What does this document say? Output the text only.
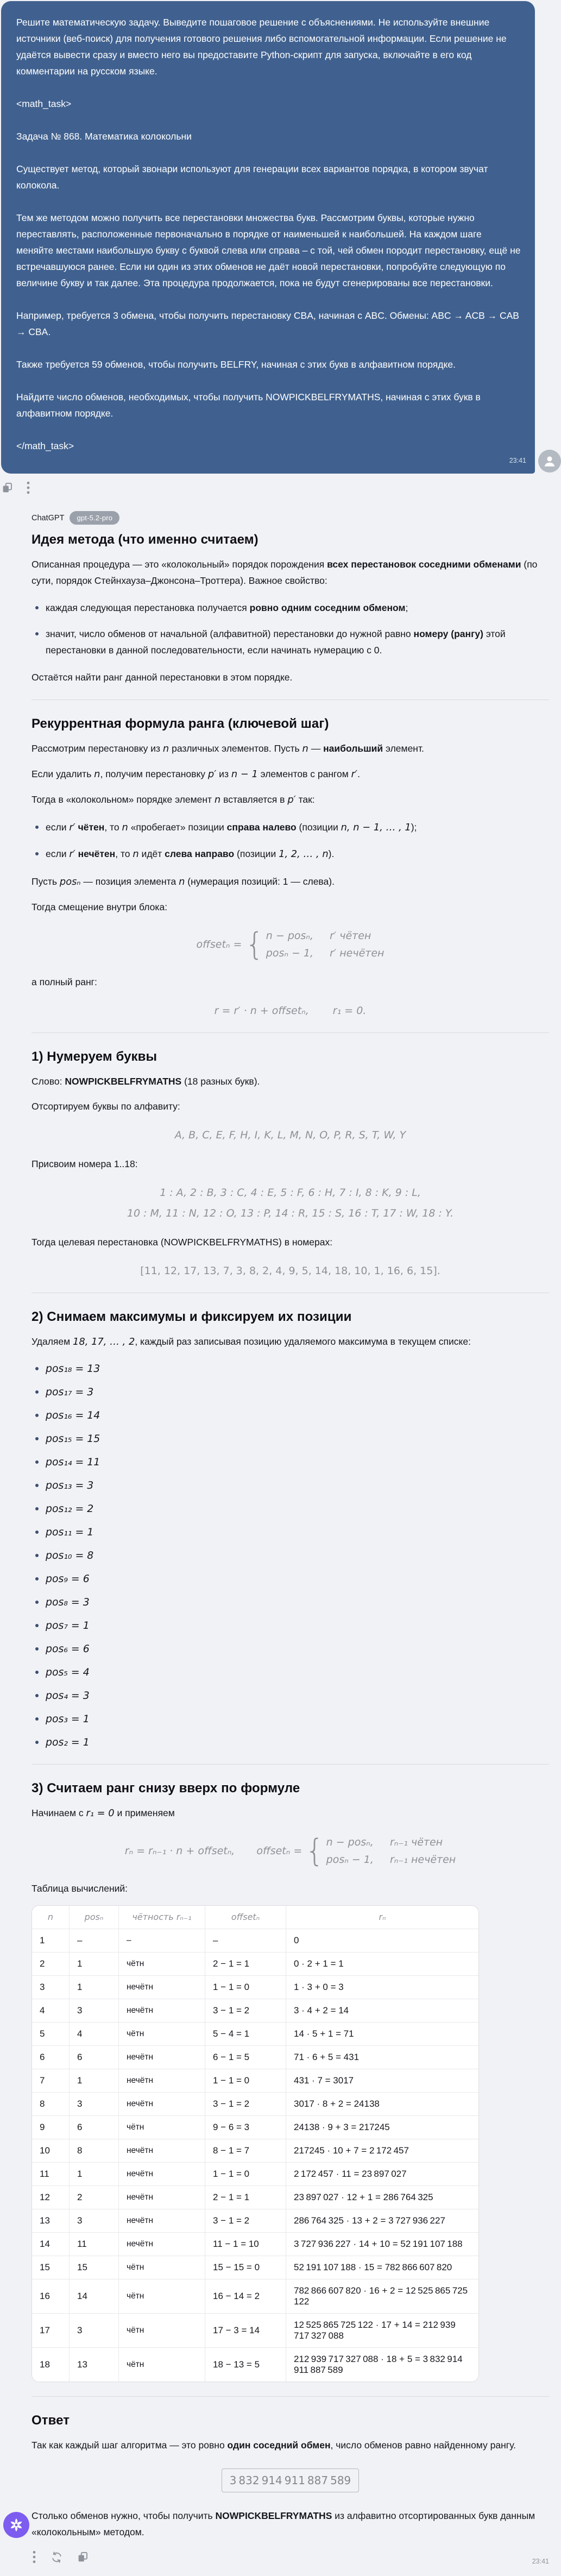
Решите математическую задачу. Выведите пошаговое решение с объяснениями. Не используйте внешние источники (веб-поиск) для получения готового решения либо вспомогательной информации. Если решение не удаётся вывести сразу и вместо него вы предоставите Python-скрипт для запуска, включайте в его код комментарии на русском языке.

<math_task>

Задача № 868. Математика колокольни

Существует метод, который звонари используют для генерации всех вариантов порядка, в котором звучат колокола.

Тем же методом можно получить все перестановки множества букв. Рассмотрим буквы, которые нужно переставлять, расположенные первоначально в порядке от наименьшей к наибольшей. На каждом шаге меняйте местами наибольшую букву с буквой слева или справа – с той, чей обмен породит перестановку, ещё не встречавшуюся ранее. Если ни один из этих обменов не даёт новой перестановки, попробуйте следующую по величине букву и так далее. Эта процедура продолжается, пока не будут сгенерированы все перестановки.

Например, требуется 3 обмена, чтобы получить перестановку CBA, начиная с ABC. Обмены: ABC → ACB → CAB → CBA.

Также требуется 59 обменов, чтобы получить BELFRY, начиная с этих букв в алфавитном порядке.

Найдите число обменов, необходимых, чтобы получить NOWPICKBELFRYMATHS, начиная с этих букв в алфавитном порядке.

</math_task>

23:41
ChatGPT	gpt-5.2-pro
Идея метода (что именно считаем)

Описанная процедура — это «колокольный» порядок порождения всех перестановок соседними обменами (по сути, порядок Стейнхауза–Джонсона–Троттера). Важное свойство:

каждая следующая перестановка получается ровно одним соседним обменом;
значит, число обменов от начальной (алфавитной) перестановки до нужной равно номеру (рангу) этой перестановки в данной последовательности, если начинать нумерацию с 0.

Остаётся найти ранг данной перестановки в этом порядке.

Рекуррентная формула ранга (ключевой шаг)

Рассмотрим перестановку из n различных элементов. Пусть n — наибольший элемент.

Если удалить n, получим перестановку p′ из n − 1 элементов с рангом r′.

Тогда в «колокольном» порядке элемент n вставляется в p′ так:

если r′ чётен, то n «пробегает» позиции справа налево (позиции n, n − 1, … , 1);
если r′ нечётен, то n идёт слева направо (позиции 1, 2, … , n).

Пусть posₙ — позиция элемента n (нумерация позиций: 1 — слева).

Тогда смещение внутри блока:

offsetₙ = { n − posₙ, r′ чётен
posₙ − 1, r′ нечётен

а полный ранг:

r = r′ · n + offsetₙ, r₁ = 0.
1) Нумеруем буквы

Слово: NOWPICKBELFRYMATHS (18 разных букв).

Отсортируем буквы по алфавиту:

A, B, C, E, F, H, I, K, L, M, N, O, P, R, S, T, W, Y

Присвоим номера 1..18:

1 : A, 2 : B, 3 : C, 4 : E, 5 : F, 6 : H, 7 : I, 8 : K, 9 : L,
10 : M, 11 : N, 12 : O, 13 : P, 14 : R, 15 : S, 16 : T, 17 : W, 18 : Y.

Тогда целевая перестановка (NOWPICKBELFRYMATHS) в номерах:

[11, 12, 17, 13, 7, 3, 8, 2, 4, 9, 5, 14, 18, 10, 1, 16, 6, 15].
2) Снимаем максимумы и фиксируем их позиции

Удаляем 18, 17, … , 2, каждый раз записывая позицию удаляемого максимума в текущем списке:

pos₁₈ = 13
pos₁₇ = 3
pos₁₆ = 14
pos₁₅ = 15
pos₁₄ = 11
pos₁₃ = 3
pos₁₂ = 2
pos₁₁ = 1
pos₁₀ = 8
pos₉ = 6
pos₈ = 3
pos₇ = 1
pos₆ = 6
pos₅ = 4
pos₄ = 3
pos₃ = 1
pos₂ = 1
3) Считаем ранг снизу вверх по формуле

Начинаем с r₁ = 0 и применяем

rₙ = rₙ₋₁ · n + offsetₙ, offsetₙ = { n − posₙ, rₙ₋₁ чётен
posₙ − 1, rₙ₋₁ нечётен

Таблица вычислений:

n	posₙ	чётность rₙ₋₁	offsetₙ	rₙ
1	–	–	–	0
2	1	чётн	2 − 1 = 1	0 · 2 + 1 = 1
3	1	нечётн	1 − 1 = 0	1 · 3 + 0 = 3
4	3	нечётн	3 − 1 = 2	3 · 4 + 2 = 14
5	4	чётн	5 − 4 = 1	14 · 5 + 1 = 71
6	6	нечётн	6 − 1 = 5	71 · 6 + 5 = 431
7	1	нечётн	1 − 1 = 0	431 · 7 = 3017
8	3	нечётн	3 − 1 = 2	3017 · 8 + 2 = 24138
9	6	чётн	9 − 6 = 3	24138 · 9 + 3 = 217245
10	8	нечётн	8 − 1 = 7	217245 · 10 + 7 = 2 172 457
11	1	нечётн	1 − 1 = 0	2 172 457 · 11 = 23 897 027
12	2	нечётн	2 − 1 = 1	23 897 027 · 12 + 1 = 286 764 325
13	3	нечётн	3 − 1 = 2	286 764 325 · 13 + 2 = 3 727 936 227
14	11	нечётн	11 − 1 = 10	3 727 936 227 · 14 + 10 = 52 191 107 188
15	15	чётн	15 − 15 = 0	52 191 107 188 · 15 = 782 866 607 820
16	14	чётн	16 − 14 = 2	782 866 607 820 · 16 + 2 = 12 525 865 725 122
17	3	чётн	17 − 3 = 14	12 525 865 725 122 · 17 + 14 = 212 939 717 327 088
18	13	чётн	18 − 13 = 5	212 939 717 327 088 · 18 + 5 = 3 832 914 911 887 589
Ответ

Так как каждый шаг алгоритма — это ровно один соседний обмен, число обменов равно найденному рангу.

3 832 914 911 887 589

Столько обменов нужно, чтобы получить NOWPICKBELFRYMATHS из алфавитно отсортированных букв данным «колокольным» методом.

23:41
